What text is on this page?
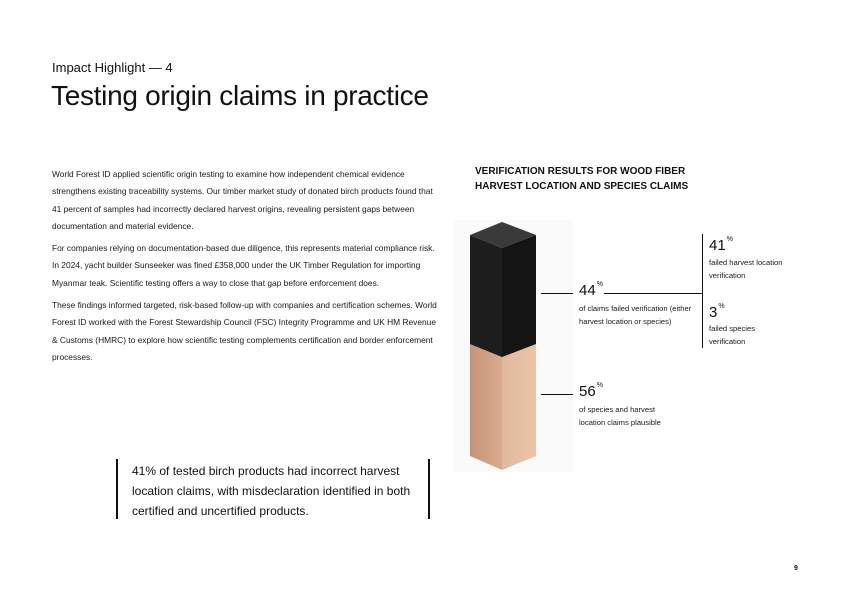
Impact Highlight — 4
Testing origin claims in practice

World Forest ID applied scientific origin testing to examine how independent chemical evidence strengthens existing traceability systems. Our timber market study of donated birch products found that 41 percent of samples had incorrectly declared harvest origins, revealing persistent gaps between documentation and material evidence.

For companies relying on documentation-based due diligence, this represents material compliance risk. In 2024, yacht builder Sunseeker was fined £358,000 under the UK Timber Regulation for importing Myanmar teak. Scientific testing offers a way to close that gap before enforcement does.

These findings informed targeted, risk-based follow-up with companies and certification schemes. World Forest ID worked with the Forest Stewardship Council (FSC) Integrity Programme and UK HM Revenue & Customs (HMRC) to explore how scientific testing complements certification and border enforcement processes.

41% of tested birch products had incorrect harvest location claims, with misdeclaration identified in both certified and uncertified products.

VERIFICATION RESULTS FOR WOOD FIBER
HARVEST LOCATION AND SPECIES CLAIMS
44%
of claims failed verification (either harvest location or species)
41%
failed harvest location verification
3%
failed species verification
56%
of species and harvest location claims plausible
9
